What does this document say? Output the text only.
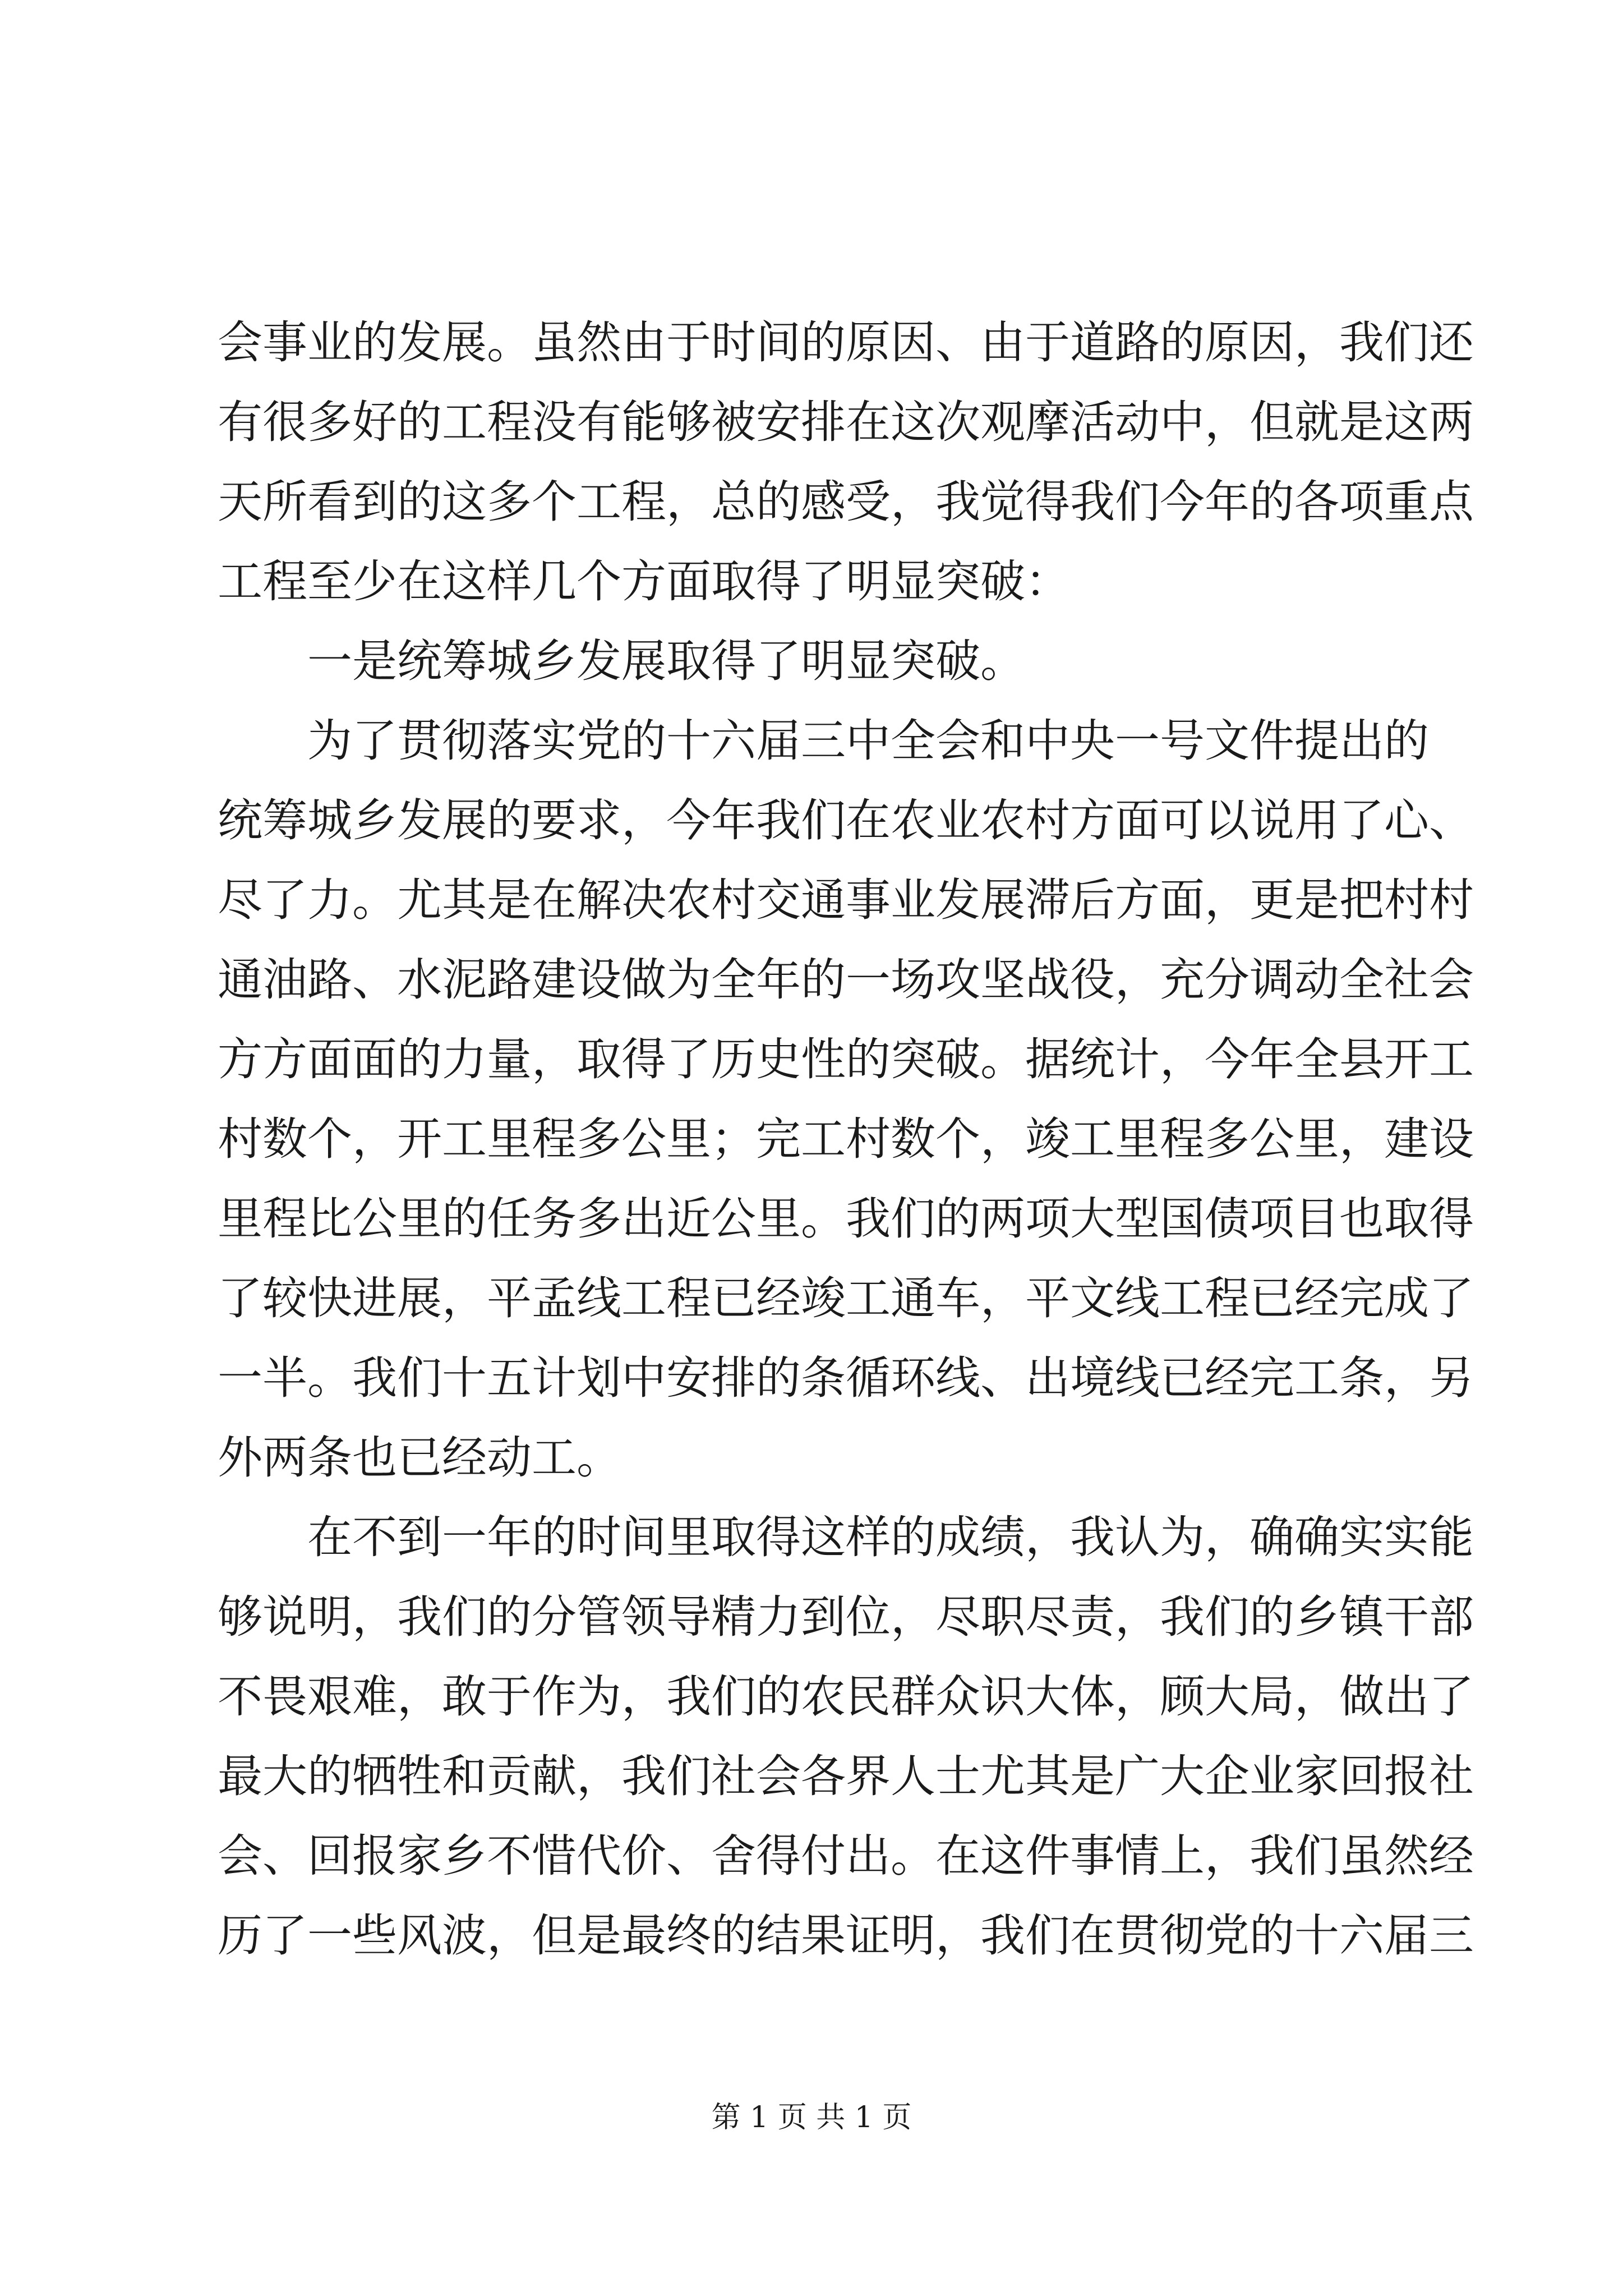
会事业的发展。虽然由于时间的原因、由于道路的原因，我们还
有很多好的工程没有能够被安排在这次观摩活动中，但就是这两
天所看到的这多个工程，总的感受，我觉得我们今年的各项重点
工程至少在这样几个方面取得了明显突破：
　　一是统筹城乡发展取得了明显突破。
　　为了贯彻落实党的十六届三中全会和中央一号文件提出的
统筹城乡发展的要求，今年我们在农业农村方面可以说用了心、
尽了力。尤其是在解决农村交通事业发展滞后方面，更是把村村
通油路、水泥路建设做为全年的一场攻坚战役，充分调动全社会
方方面面的力量，取得了历史性的突破。据统计，今年全县开工
村数个，开工里程多公里；完工村数个，竣工里程多公里，建设
里程比公里的任务多出近公里。我们的两项大型国债项目也取得
了较快进展，平孟线工程已经竣工通车，平文线工程已经完成了
一半。我们十五计划中安排的条循环线、出境线已经完工条，另
外两条也已经动工。
　　在不到一年的时间里取得这样的成绩，我认为，确确实实能
够说明，我们的分管领导精力到位，尽职尽责，我们的乡镇干部
不畏艰难，敢于作为，我们的农民群众识大体，顾大局，做出了
最大的牺牲和贡献，我们社会各界人士尤其是广大企业家回报社
会、回报家乡不惜代价、舍得付出。在这件事情上，我们虽然经
历了一些风波，但是最终的结果证明，我们在贯彻党的十六届三
第 1 页 共 1 页
